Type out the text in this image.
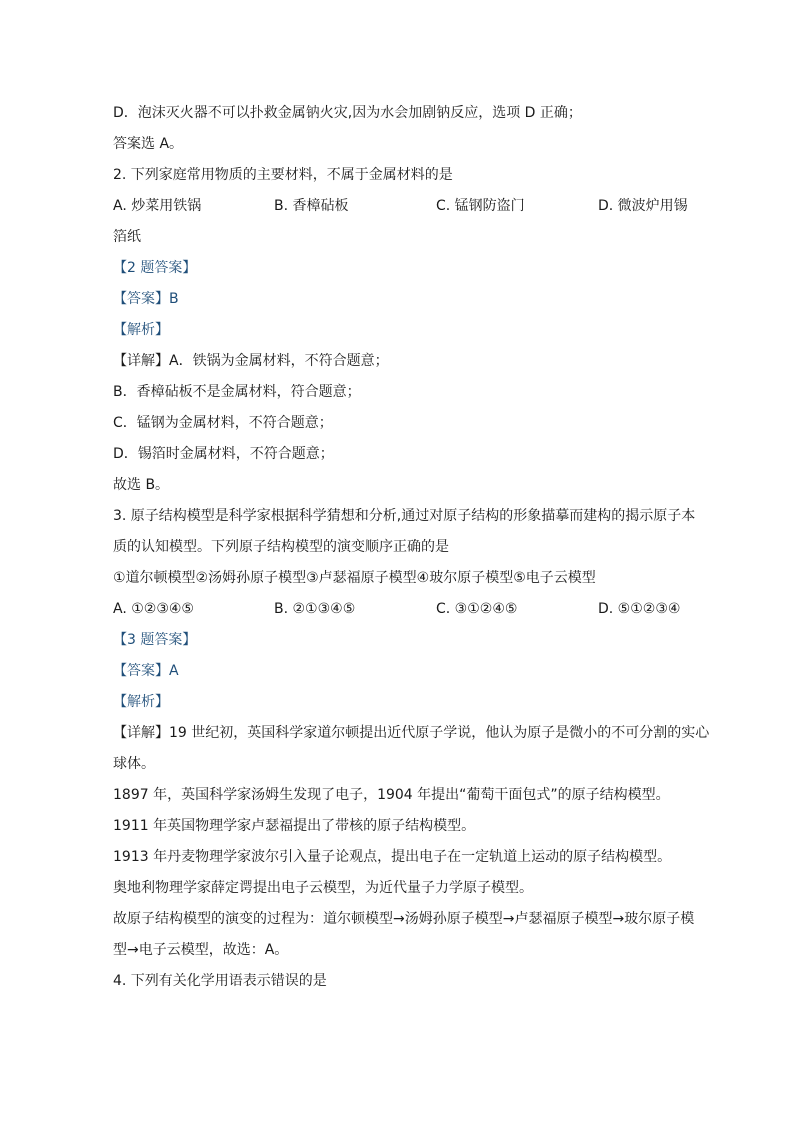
D．泡沫灭火器不可以扑救金属钠火灾,因为水会加剧钠反应，选项 D 正确；
答案选 A。
2. 下列家庭常用物质的主要材料，不属于金属材料的是
A. 炒菜用铁锅	B. 香樟砧板	C. 锰钢防盗门	D. 微波炉用锡
箔纸
【2 题答案】
【答案】B
【解析】
【详解】A．铁锅为金属材料，不符合题意；
B．香樟砧板不是金属材料，符合题意；
C．锰钢为金属材料，不符合题意；
D．锡箔时金属材料，不符合题意；
故选 B。
3. 原子结构模型是科学家根据科学猜想和分析,通过对原子结构的形象描摹而建构的揭示原子本
质的认知模型。下列原子结构模型的演变顺序正确的是
①道尔顿模型②汤姆孙原子模型③卢瑟福原子模型④玻尔原子模型⑤电子云模型
A. ①②③④⑤	B. ②①③④⑤	C. ③①②④⑤	D. ⑤①②③④
【3 题答案】
【答案】A
【解析】
【详解】19 世纪初，英国科学家道尔顿提出近代原子学说，他认为原子是微小的不可分割的实心
球体。
1897 年，英国科学家汤姆生发现了电子，1904 年提出“葡萄干面包式”的原子结构模型。
1911 年英国物理学家卢瑟福提出了带核的原子结构模型。
1913 年丹麦物理学家波尔引入量子论观点，提出电子在一定轨道上运动的原子结构模型。
奥地利物理学家薛定谔提出电子云模型，为近代量子力学原子模型。
故原子结构模型的演变的过程为：道尔顿模型→汤姆孙原子模型→卢瑟福原子模型→玻尔原子模
型→电子云模型，故选：A。
4. 下列有关化学用语表示错误的是
